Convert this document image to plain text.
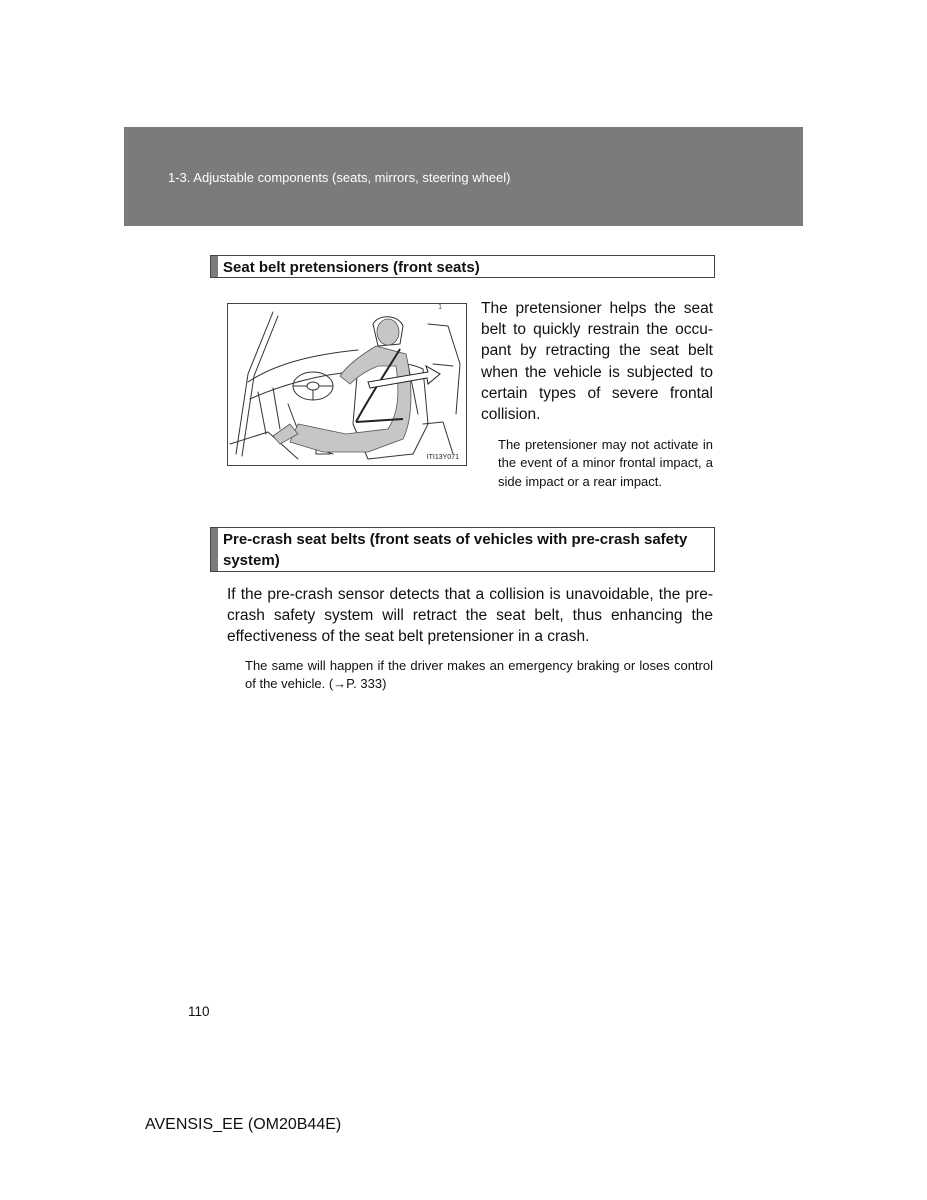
1-3. Adjustable components (seats, mirrors, steering wheel)
Seat belt pretensioners (front seats)
1
ITI13Y071
The pretensioner helps the seat belt to quickly restrain the occupant by retracting the seat belt when the vehicle is subjected to certain types of severe frontal collision.
The pretensioner may not activate in the event of a minor frontal impact, a side impact or a rear impact.
Pre-crash seat belts (front seats of vehicles with pre-crash safety system)
If the pre-crash sensor detects that a collision is unavoidable, the precrash safety system will retract the seat belt, thus enhancing the effectiveness of the seat belt pretensioner in a crash.
The same will happen if the driver makes an emergency braking or loses control of the vehicle. (→P. 333)
110
AVENSIS_EE (OM20B44E)
